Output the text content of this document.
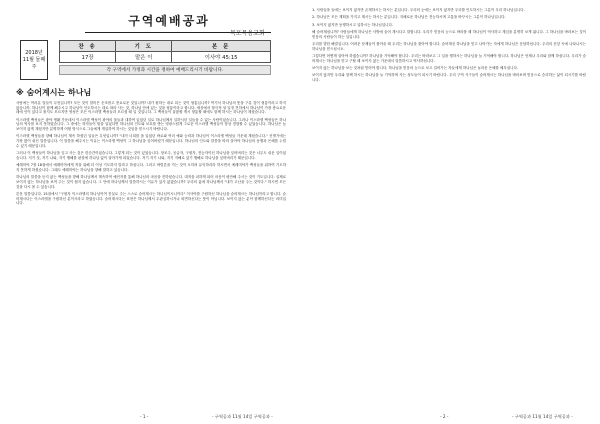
구역예배공과
목포목음교회
2018년
11월 둘째주
찬 송	기 도	본 문
17장	맡은 이	이사야 45:15
각 구역에서 가정과 시간을 정하여 예배드리시기 바랍니다.
※ 숨어계시는 하나님

사람에는 여러분 말들이 무엇입니까? 모든 것이 말미은 순조롭고 풍요로운 것입니까? 내가 원하는 대로 되는 것이 형통입니까? 여기서 하나님의 뜻을 구분 것이 형통이라고 하지 않습니까. 하나님이 함께 해주시고 하나님이 인도하시는 대로 따라 사는 것, 하나님 안에 있는 것을 형통이라고 합니다. 세상에서 형식적 성 일정 전하에서 하나님이 가장 충요로운 데에 인이 있다고 볼지도 모르지만 영성은 모든 이스라엘 백성들과 모르셨 때 일 것입니다. 그 백성들이 훌륭할 게시 형통할 때에도 함께 하시는 하나님이 계셨습니다.

이스라엘 백성들은 광야 생활 가운데서 이스라엘 백성이 광야의 물들과 대하여 있었던 일로 하나님께서 일하시던 일들을 수 없는 사람이었습니다. 그러나 이스라엘 백성들은 하나님의 역사를 보지 못하였습니다. 그 중에는 학자들이 힘을 입었다면 하나님의 인도와 보호를 받는 영광스럽게 그로운 이스라엘 백성들이 항상 경험할 수 있었습니다. 하나님은 늘 보이지 않게 계셨지만 분명하게 어떤 방식으로 그들에게 개입하여 하시는 것임을 믿으시기 바랍니다.

이스라엘 백성들을 향해 하나님이 계속 하셨던 일들은 무엇입니까? "내가 너희를 을 입었던 바로와 여러 예와 능력과 하나님이 이스라엘 백성들 가운데 계셨습니다." 신명기에는 가장 많이 쉬신 말씀입니다. 이 말씀을 해주시는 이유는 이스라엘 백성이 그 하나님을 잊어버렸기 때문입니다. 하나님의 인도와 말씀을 따라 살아야 하나님의 동행과 은혜를 누릴 수 있기 때문입니다.

그러나 이 백성들이 하나님을 잊고 사는 것은 한순간이었습니다. 그렇게 되는 것이 있었습니다. 창조주, 공급자, 구원자, 전능자이신 하나님을 잊어버리는 것은 너무도 쉬운 일이었습니다. 지키 것, 저기 나와, 지키 행해를 판결에 하나님 없이 살아가게 되었습니다. 저기 지키 나와, 지키 지해로 있기 행해로 하나님을 잊어버리기 때문입니다.

예레미야 7장 18절에서 예레미야에게 적을 위해 더 이상 기도하지 말라고 하십니다. 그러고 바빌론을 가는 것이 오히려 유익하리라 하시면서 예레미야가 백성들을 위하여 기도하지 못하게 하셨습니다. 그래도 예레미야는 하나님을 향해 말하고 있습니다.

하나님의 말씀을 듣지 않는 백성들을 향해 하나님께서 계속하여 예언자를 통해 하나님의 마음을 전하셨습니다. 대적을 피하게 되어 마음이 평안해 주시는 것이 기도입니다. 실제로 보이지 않는 하나님을 보여 주는 것이 쉽지 않습니다. 그 안에 하나님께서 말씀하시는 이유가 있지 않겠습니까? 우리의 삶에 하나님께서 "내가 고난을 주는 것이다." 하시면 모든 것을 다시 볼 수 있습니다.

본문 말씀입니다. 15절에서 "구원자 이스라엘의 하나님이여 진실로 주는 스스로 숨어계시는 하나님이시니이다" 이사야를 구원하신 하나님을 숨어계시는 하나님이라고 합니다. 숨어계시다는 이스라엘을 구원하신 분이시라고 하였습니다. 숨어계시다는 표현은 하나님께서 무관심하시거나 외면하신다는 뜻이 아닙니다. 보이지 않는 분이 함께하신다는 의미입니다.

- 1 -	- 구역공과 11월 14일 구역공과 -

1. 사람들을 들에는 보이지 않지만 존재하시는 하시는 분입니다. 우리의 눈에는 보이지 않지만 우리를 인도하시는 그분이 우리 하나님입니다.

2. 하나님은 모든 계획을 가지고 계시는 하시는 분입니다. 지혜로운 하나님은 전능하시며 고통을 바꾸시는 그분이 하나님입니다.

3. 보이지 않지만 동행하시고 일하시는 하나님입니다.

해 숨어계십니까? 사람들에게 하나님은 사방에 숨어 계시다고 말합니다. 우리가 믿음의 눈으로 바라볼 때 하나님이 역사하고 계심을 분명히 보게 됩니다. 그 하나님을 바라보는 것이 믿음의 사람들이 하는 일입니다.

우리를 향한 해결입니다. 어려운 문제들이 찾아올 때 우리는 하나님을 찾아야 합니다. 숨어계신 하나님을 믿고 나아가는 자에게 하나님은 응답하십니다. 우리의 신앙 속에 나타나시는 하나님을 믿으십시오.

그렇다면 어떻게 살아야 하겠습니까? 하나님을 기억해야 합니다. 우리는 바라보고 그 일을 행하시는 하나님을 늘 기억해야 합니다. 하나님은 언제나 우리와 함께 하십니다. 우리가 숨어계시는 하나님을 믿고 구할 때 보이지 않는 가운데서 말씀하시고 역사하십니다.

보이지 않는 하나님을 보는 것처럼 믿어야 합니다. 하나님을 믿음의 눈으로 보고 걸어가는 자들에게 하나님은 놀라운 은혜를 베푸십니다.

보이지 않지만 우리와 함께 하시는 하나님을 늘 기억하며 사는 성도들이 되시기 바랍니다. 우리 구역 식구들이 숨어계시는 하나님을 바라보며 믿음으로 승리하는 삶이 되시기를 바랍니다.

- 2 -	- 구역공과 11월 14일 구역공과 -
